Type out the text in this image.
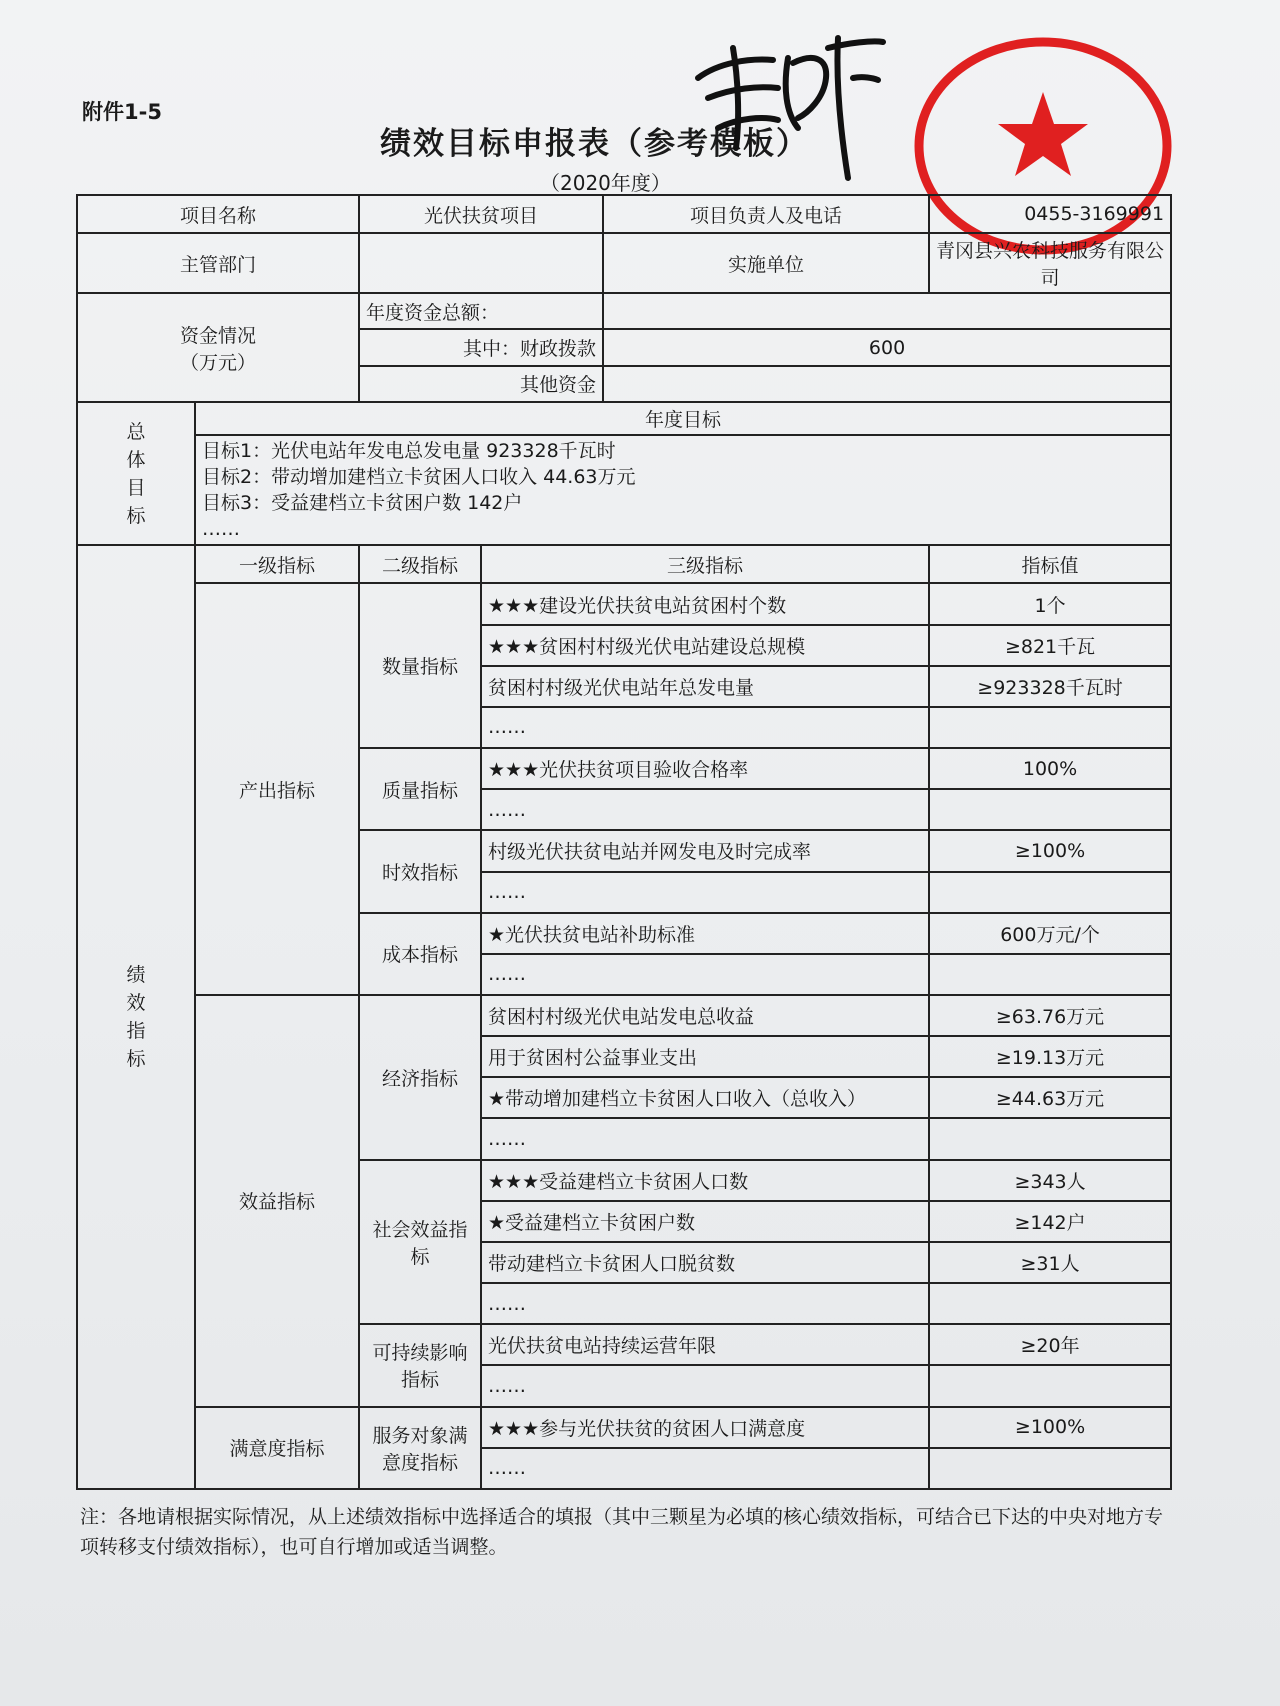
附件1-5
绩效目标申报表（参考模板）
（2020年度）
项目名称		光伏扶贫项目		项目负责人及电话	0455-3169991
主管部门				实施单位	青冈县兴农科技服务有限公司

资金情况
（万元）		年度资金总额：			
		其中：财政拨款		600	
		其他资金			

总
体
目
标	年度目标				

	目标1：光伏电站年发电总发电量 923328千瓦时
目标2：带动增加建档立卡贫困人口收入 44.63万元
目标3：受益建档立卡贫困户数 142户
……				

绩
效
指
标	一级指标	二级指标	三级指标		指标值
	产出指标	数量指标	★★★建设光伏扶贫电站贫困村个数		1个
			★★★贫困村村级光伏电站建设总规模		≥821千瓦
			贫困村村级光伏电站年总发电量		≥923328千瓦时
			……		
		质量指标	★★★光伏扶贫项目验收合格率		100%
			……		
		时效指标	村级光伏扶贫电站并网发电及时完成率		≥100%
			……		
		成本指标	★光伏扶贫电站补助标准		600万元/个
			……		
	效益指标	经济指标	贫困村村级光伏电站发电总收益		≥63.76万元
			用于贫困村公益事业支出		≥19.13万元
			★带动增加建档立卡贫困人口收入（总收入）		≥44.63万元
			……		
		社会效益指标	★★★受益建档立卡贫困人口数		≥343人
			★受益建档立卡贫困户数		≥142户
			带动建档立卡贫困人口脱贫数		≥31人
			……		
		可持续影响指标	光伏扶贫电站持续运营年限		≥20年
			……		
	满意度指标	服务对象满意度指标	★★★参与光伏扶贫的贫困人口满意度		≥100%
			……		
注：各地请根据实际情况，从上述绩效指标中选择适合的填报（其中三颗星为必填的核心绩效指标，可结合已下达的中央对地方专项转移支付绩效指标），也可自行增加或适当调整。
